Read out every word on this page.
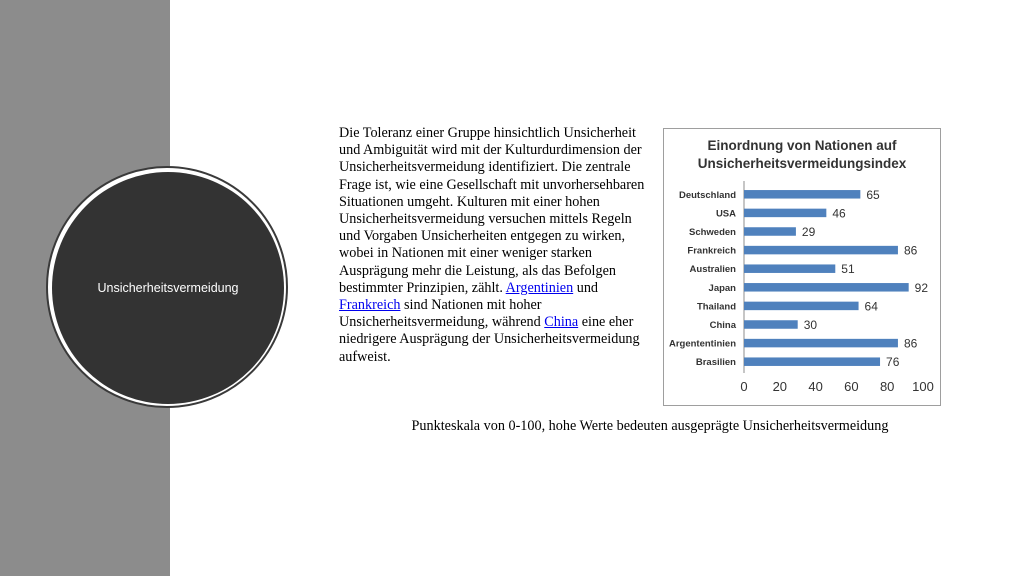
Unsicherheitsvermeidung

Die Toleranz einer Gruppe hinsichtlich Unsicherheit und Ambiguität wird mit der Kulturdurdimension der Unsicherheitsvermeidung identifiziert. Die zentrale Frage ist, wie eine Gesellschaft mit unvorhersehbaren Situationen umgeht. Kulturen mit einer hohen Unsicherheitsvermeidung versuchen mittels Regeln und Vorgaben Unsicherheiten entgegen zu wirken, wobei in Nationen mit einer weniger starken Ausprägung mehr die Leistung, als das Befolgen bestimmter Prinzipien, zählt. Argentinien und Frankreich sind Nationen mit hoher Unsicherheitsvermeidung, während China eine eher niedrigere Ausprägung der Unsicherheitsvermeidung aufweist.

Einordnung von Nationen auf
Unsicherheitsvermeidungsindex
Deutschland	65
USA	46
Schweden	29
Frankreich	86
Australien	51
Japan	92
Thailand	64
China	30
Argententinien	86
Brasilien	76
0 20 40 60 80 100
Punkteskala von 0-100, hohe Werte bedeuten ausgeprägte Unsicherheitsvermeidung
